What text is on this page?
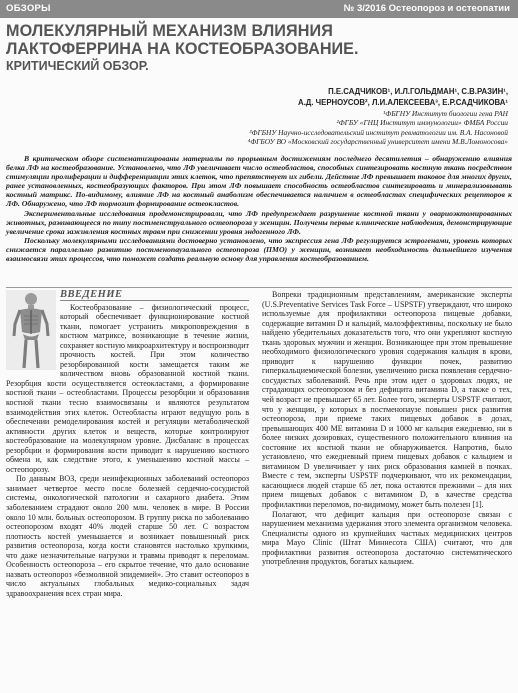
ОБЗОРЫ	№ 3/2016 Остеопороз и остеопатии
МОЛЕКУЛЯРНЫЙ МЕХАНИЗМ ВЛИЯНИЯ
ЛАКТОФЕРРИНА НА КОСТЕОБРАЗОВАНИЕ.
КРИТИЧЕСКИЙ ОБЗОР.
П.Е.САДЧИКОВ¹, И.Л.ГОЛЬДМАН¹, С.В.РАЗИН¹,
А.Д. ЧЕРНОУСОВ², Л.И.АЛЕКСЕЕВА³, Е.Р.САДЧИКОВА¹
¹ФБГНУ Институт биологии гена РАН
²ФГБУ «ГНЦ Институт иммунологии» ФМБА России
³ФГБНУ Научно-исследовательский институт ревматологии им. В.А. Насоновой
⁴ФГБОУ ВО «Московский государственный университет имени М.В.Ломоносова»

В критическом обзоре систематизированы материалы по прорывным достижениям последнего десятилетия – обнаружению влияния белка ЛФ на костеобразование. Установлено, что ЛФ увеличивает число остеобластов, способных синтезировать костную ткань посредством стимуляции пролиферации и дифференциации этих клеток, что препятствует их гибели. Действие ЛФ превышает таковое для многих других, ранее установленных, костеобразующих факторов. При этом ЛФ повышает способность остеобластов синтезировать и минерализовывать костный матрикс. По-видимому, влияние ЛФ на костный анаболизм обеспечивается наличием в остеобластах специфических рецепторов к ЛФ. Обнаружено, что ЛФ тормозит формирование остеокластов.

Экспериментальные исследования продемонстрировали, что ЛФ предупреждает разрушение костной ткани у овариоэктомированных животных, развивающееся по типу постменструального остеопороза у женщин. Получены первые клинические наблюдения, демонстрирующие увеличение срока заживления костных травм при снижении уровня эндогенного ЛФ.

Поскольку молекулярными исследованиями достоверно установлено, что экспрессия гена ЛФ регулируется эстрогенами, уровень которых снижается параллельно развитию постменопаузального остеопороза (ПМО) у женщин, возникает необходимость дальнейшего изучения взаимосвязи этих процессов, что поможет создать реальную основу для управления костеобразованием.

ВВЕДЕНИЕ

Костеобразование – физиологический процесс, который обеспечивает функционирование костной ткани, помогает устранить микроповреждения в костном матриксе, возникающие в течение жизни, сохраняет костную микроархитектуру и воспроизводит прочность костей. При этом количество резорбированной кости замещается таким же количеством вновь образованной костной ткани. Резорбция кости осуществляется остеокластами, а формирование костной ткани – остеобластами. Процессы резорбции и образования костной ткани тесно взаимосвязаны и являются результатом взаимодействия этих клеток. Остеобласты играют ведущую роль в обеспечении ремоделирования костей и регуляции метаболической активности других клеток и веществ, которые контролируют костеобразование на молекулярном уровне. Дисбаланс в процессах резорбции и формирования кости приводит к нарушению костного обмена и, как следствие этого, к уменьшению костной массы – остеопорозу.

По данным ВОЗ, среди неинфекционных заболеваний остеопороз занимает четвертое место после болезней сердечно-сосудистой системы, онкологической патологии и сахарного диабета. Этим заболеванием страдают около 200 млн. человек в мире. В России около 10 млн. больных остеопорозом. В группу риска по заболеванию остеопорозом входят 40% людей старше 50 лет. С возрастом плотность костей уменьшается и возникает повышенный риск развития остеопороза, когда кости становятся настолько хрупкими, что даже незначительные нагрузки и травмы приводят к переломам. Особенность остеопороза – его скрытое течение, что дало основание назвать остеопороз «безмолвной эпидемией». Это ставит остеопороз в число актуальных глобальных медико-социальных задач здравоохранения всех стран мира.

Вопреки традиционным представлениям, американские эксперты (U.S.Preventative Services Task Force – USPSTF) утверждают, что широко используемые для профилактики остеопороза пищевые добавки, содержащие витамин D и кальций, малоэффективны, поскольку не было найдено убедительных доказательств того, что они укрепляют костную ткань здоровых мужчин и женщин. Возникающее при этом превышение необходимого физиологического уровня содержания кальция в крови, приводит к нарушению функции почек, развитию гиперкальциемической болезни, увеличению риска появления сердечно-сосудистых заболеваний. Речь при этом идет о здоровых людях, не страдающих остеопорозом и без дефицита витамина D, а также о тех, чей возраст не превышает 65 лет. Более того, эксперты USPSTF считают, что у женщин, у которых в постменопаузе повышен риск развития остеопороза, при приеме таких пищевых добавок в дозах, превышающих 400 МЕ витамина D и 1000 мг кальция ежедневно, ни в более низких дозировках, существенного положительного влияния на состояние их костной ткани не обнаруживается. Напротив, было установлено, что ежедневный прием пищевых добавок с кальцием и витамином D увеличивает у них риск образования камней в почках. Вместе с тем, эксперты USPSTF подчеркивают, что их рекомендации, касающиеся людей старше 65 лет, пока остаются прежними – для них прием пищевых добавок с витамином D, в качестве средства профилактики переломов, по-видимому, может быть полезен [1].

Полагают, что дефицит кальция при остеопорозе связан с нарушением механизма удержания этого элемента организмом человека. Специалисты одного из крупнейших частных медицинских центров мира Mayo Clinic (Штат Миннесота США) считают, что для профилактики развития остеопороза достаточно систематического употребления продуктов, богатых кальцием.
